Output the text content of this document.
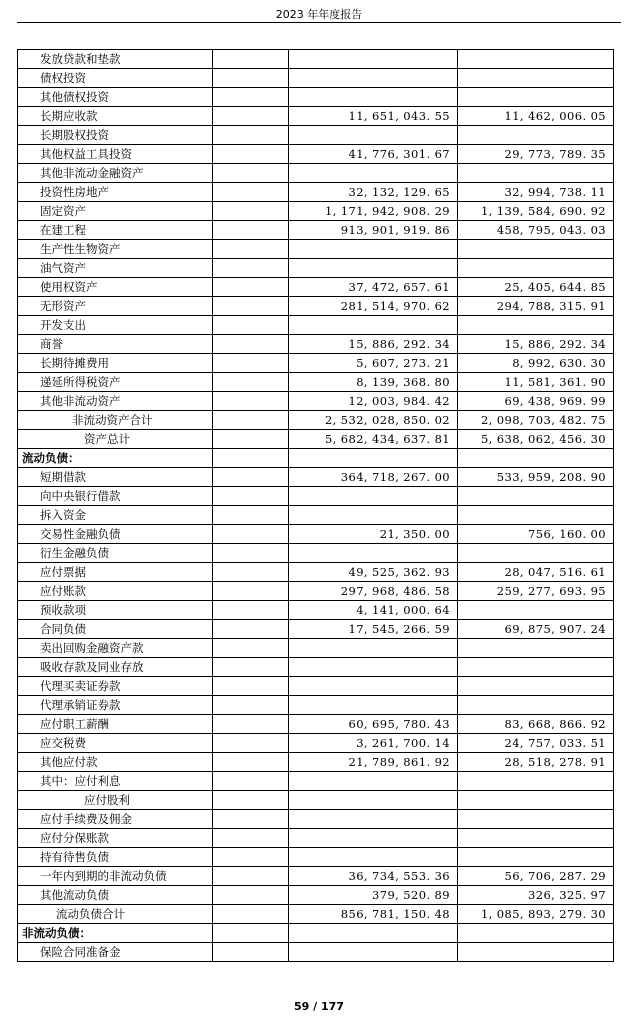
2023 年年度报告
发放贷款和垫款			
债权投资			
其他债权投资			
长期应收款		11, 651, 043. 55	11, 462, 006. 05
长期股权投资			
其他权益工具投资		41, 776, 301. 67	29, 773, 789. 35
其他非流动金融资产			
投资性房地产		32, 132, 129. 65	32, 994, 738. 11
固定资产		1, 171, 942, 908. 29	1, 139, 584, 690. 92
在建工程		913, 901, 919. 86	458, 795, 043. 03
生产性生物资产			
油气资产			
使用权资产		37, 472, 657. 61	25, 405, 644. 85
无形资产		281, 514, 970. 62	294, 788, 315. 91
开发支出			
商誉		15, 886, 292. 34	15, 886, 292. 34
长期待摊费用		5, 607, 273. 21	8, 992, 630. 30
递延所得税资产		8, 139, 368. 80	11, 581, 361. 90
其他非流动资产		12, 003, 984. 42	69, 438, 969. 99
非流动资产合计		2, 532, 028, 850. 02	2, 098, 703, 482. 75
资产总计		5, 682, 434, 637. 81	5, 638, 062, 456. 30
流动负债：			
短期借款		364, 718, 267. 00	533, 959, 208. 90
向中央银行借款			
拆入资金			
交易性金融负债		21, 350. 00	756, 160. 00
衍生金融负债			
应付票据		49, 525, 362. 93	28, 047, 516. 61
应付账款		297, 968, 486. 58	259, 277, 693. 95
预收款项		4, 141, 000. 64	
合同负债		17, 545, 266. 59	69, 875, 907. 24
卖出回购金融资产款			
吸收存款及同业存放			
代理买卖证券款			
代理承销证券款			
应付职工薪酬		60, 695, 780. 43	83, 668, 866. 92
应交税费		3, 261, 700. 14	24, 757, 033. 51
其他应付款		21, 789, 861. 92	28, 518, 278. 91
其中：应付利息			
应付股利			
应付手续费及佣金			
应付分保账款			
持有待售负债			
一年内到期的非流动负债		36, 734, 553. 36	56, 706, 287. 29
其他流动负债		379, 520. 89	326, 325. 97
流动负债合计		856, 781, 150. 48	1, 085, 893, 279. 30
非流动负债：			
保险合同准备金			
59 / 177
